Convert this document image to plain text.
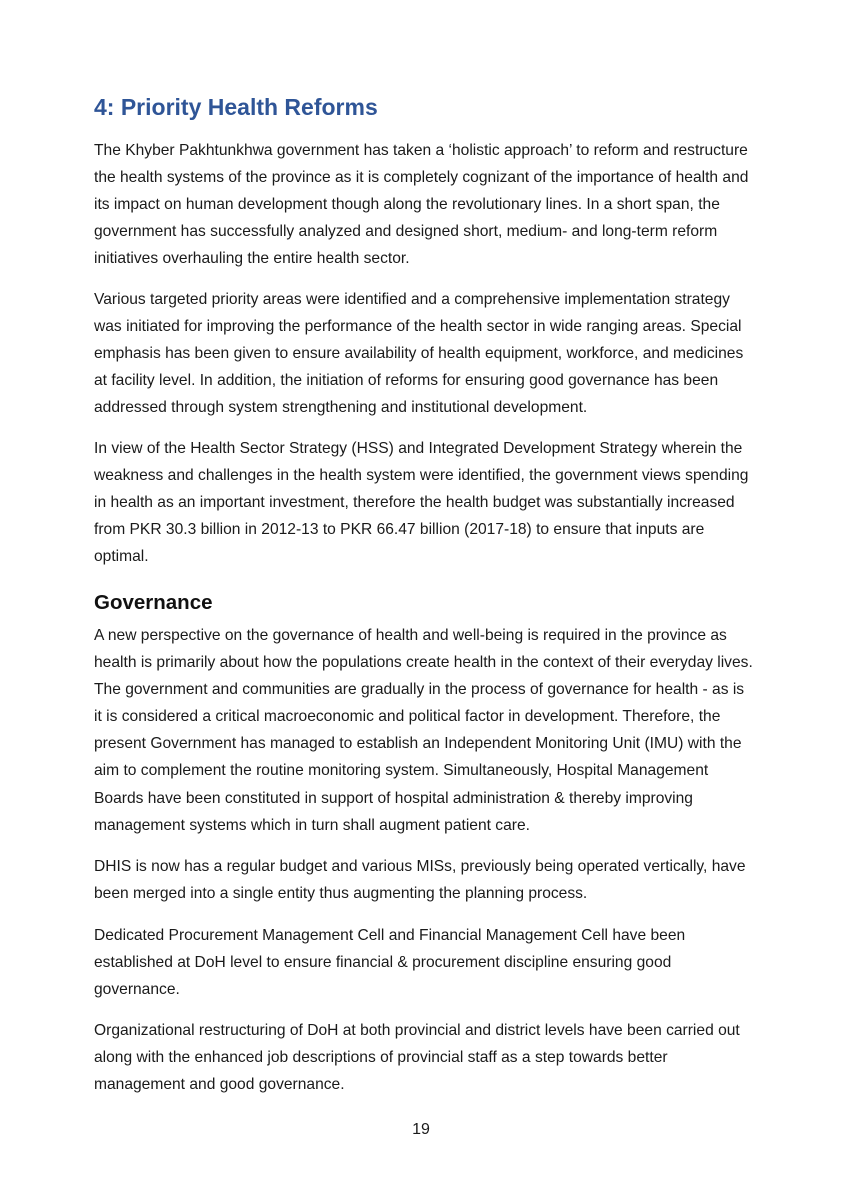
4: Priority Health Reforms

The Khyber Pakhtunkhwa government has taken a ‘holistic approach’ to reform and restructure the health systems of the province as it is completely cognizant of the importance of health and its impact on human development though along the revolutionary lines. In a short span, the government has successfully analyzed and designed short, medium- and long-term reform initiatives overhauling the entire health sector.

Various targeted priority areas were identified and a comprehensive implementation strategy was initiated for improving the performance of the health sector in wide ranging areas. Special emphasis has been given to ensure availability of health equipment, workforce, and medicines at facility level. In addition, the initiation of reforms for ensuring good governance has been addressed through system strengthening and institutional development.

In view of the Health Sector Strategy (HSS) and Integrated Development Strategy wherein the weakness and challenges in the health system were identified, the government views spending in health as an important investment, therefore the health budget was substantially increased from PKR 30.3 billion in 2012-13 to PKR 66.47 billion (2017-18) to ensure that inputs are optimal.

Governance

A new perspective on the governance of health and well-being is required in the province as health is primarily about how the populations create health in the context of their everyday lives. The government and communities are gradually in the process of governance for health - as is it is considered a critical macroeconomic and political factor in development. Therefore, the present Government has managed to establish an Independent Monitoring Unit (IMU) with the aim to complement the routine monitoring system. Simultaneously, Hospital Management Boards have been constituted in support of hospital administration & thereby improving management systems which in turn shall augment patient care.

DHIS is now has a regular budget and various MISs, previously being operated vertically, have been merged into a single entity thus augmenting the planning process.

Dedicated Procurement Management Cell and Financial Management Cell have been established at DoH level to ensure financial & procurement discipline ensuring good governance.

Organizational restructuring of DoH at both provincial and district levels have been carried out along with the enhanced job descriptions of provincial staff as a step towards better management and good governance.

19
